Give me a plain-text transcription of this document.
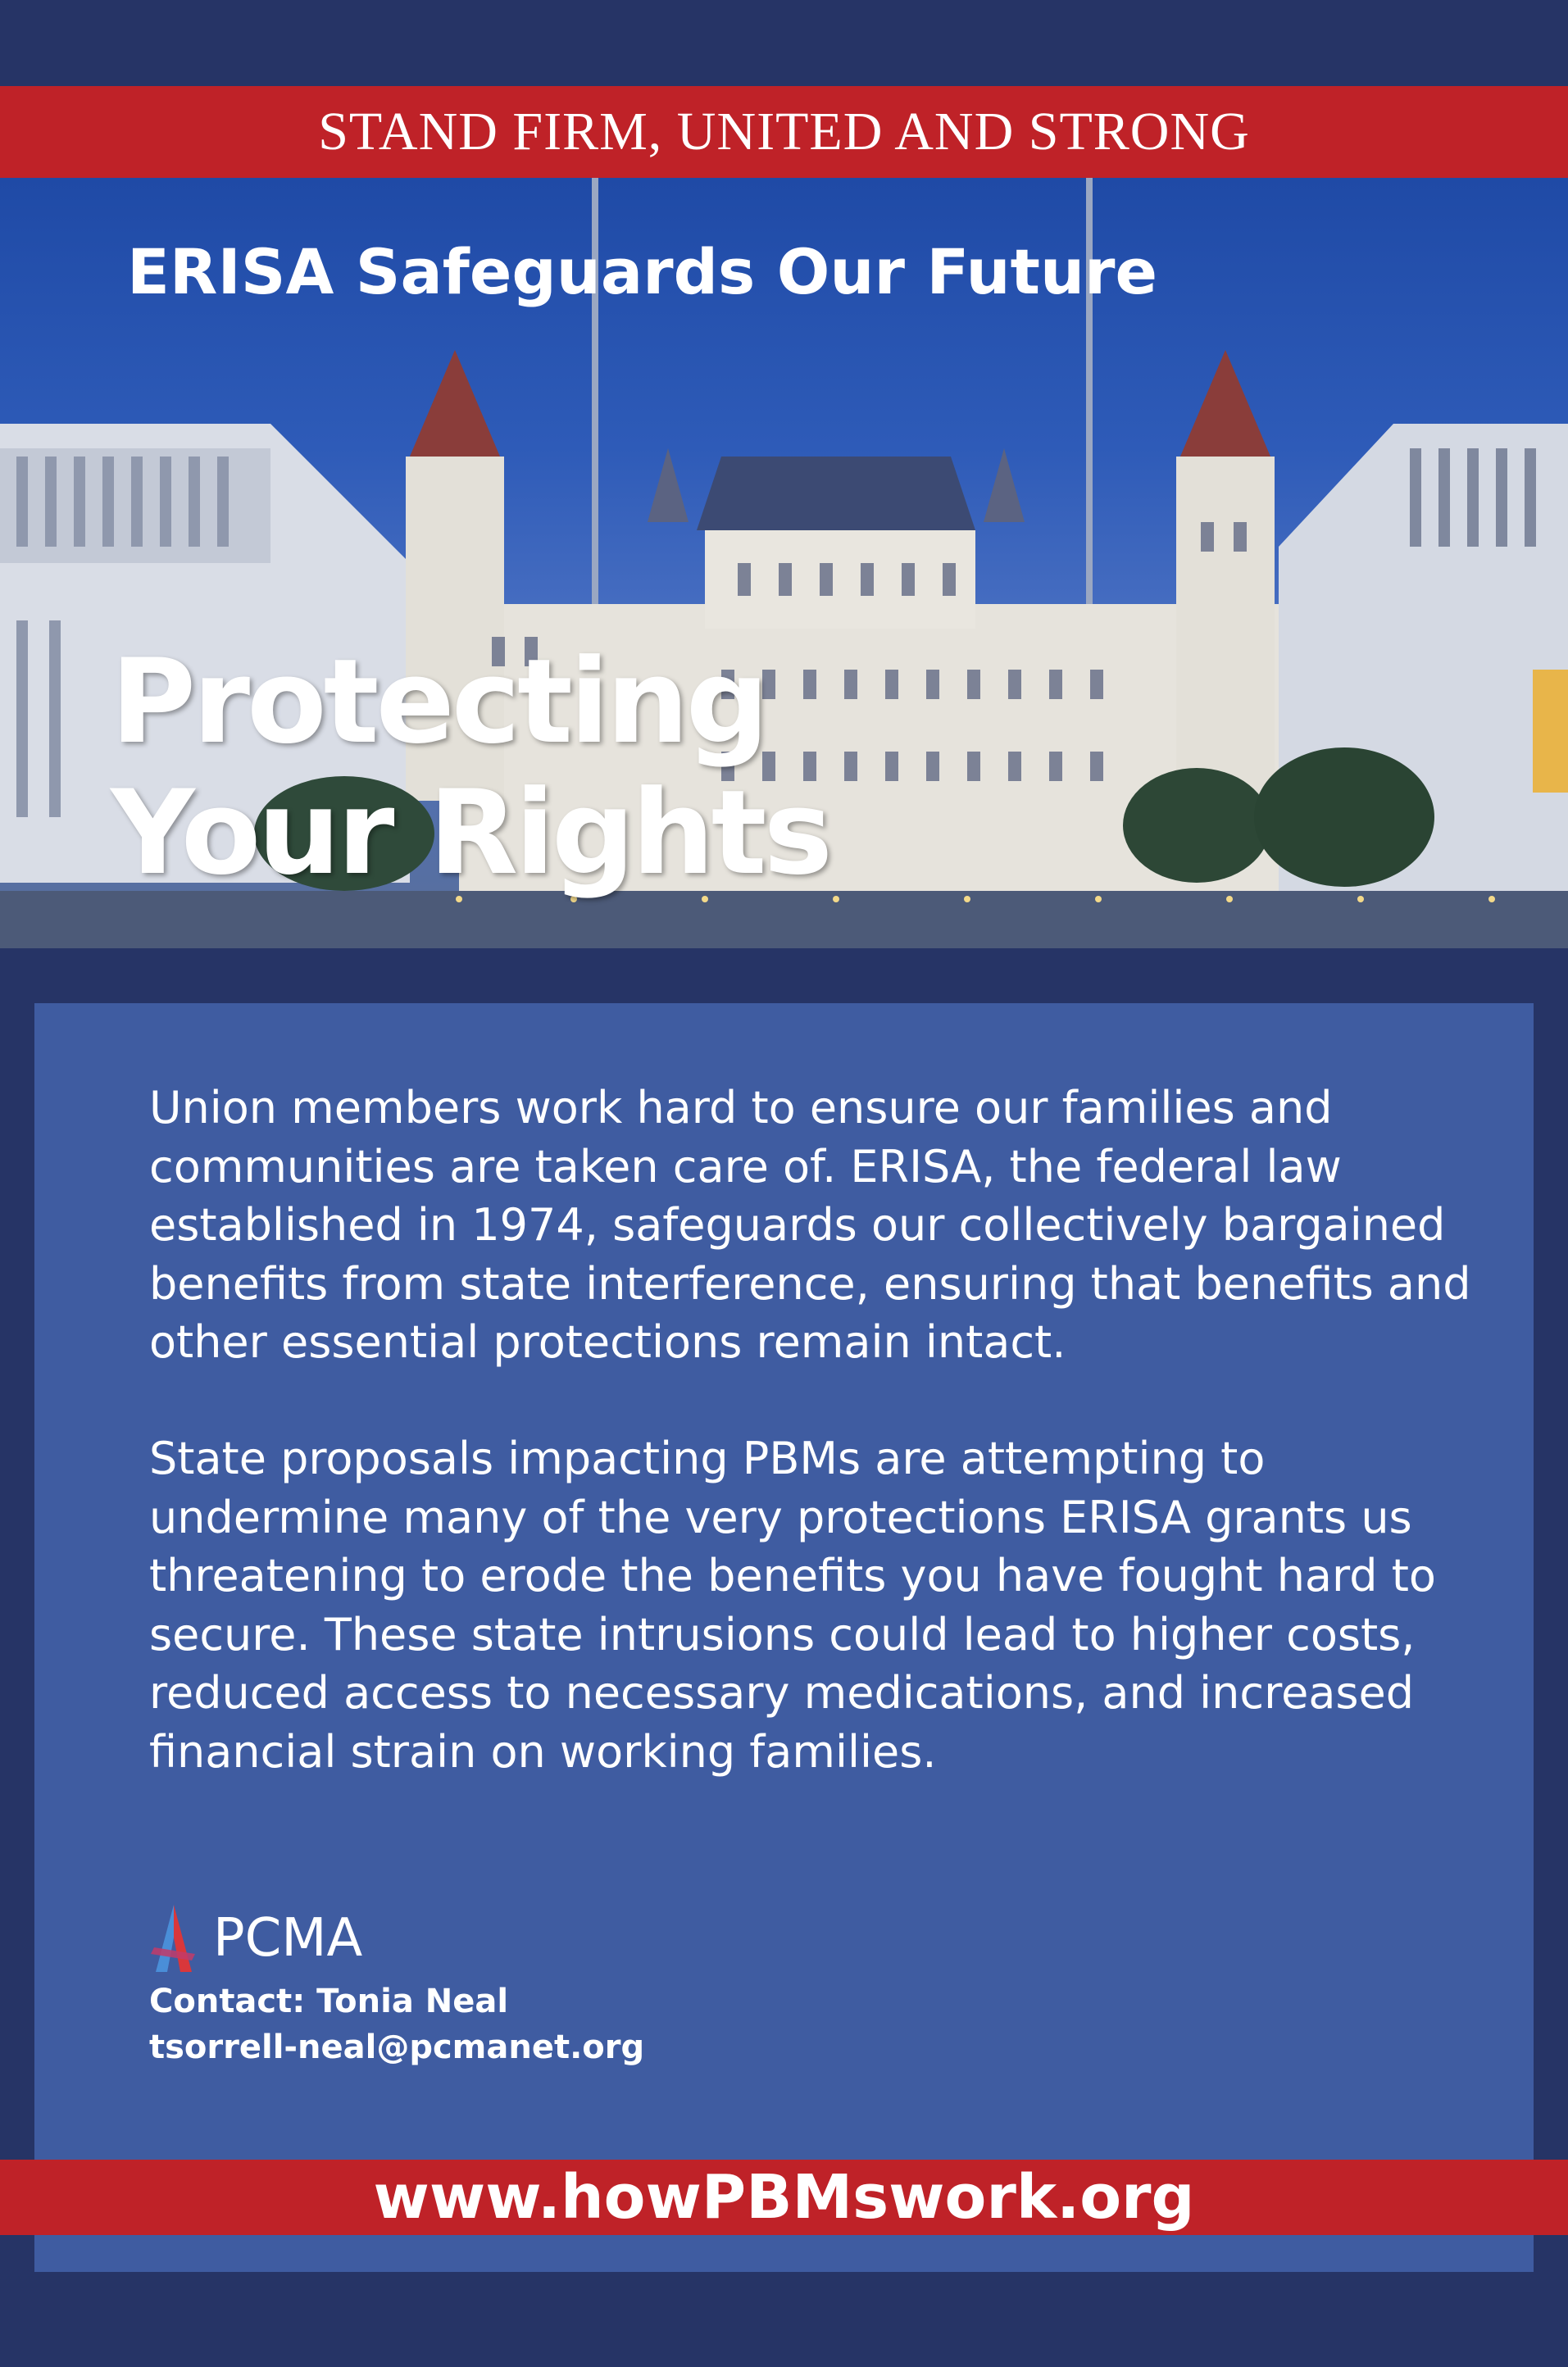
STAND FIRM, UNITED AND STRONG
ERISA Safeguards Our Future
Protecting
Your Rights

Union members work hard to ensure our families and communities are taken care of. ERISA, the federal law established in 1974, safeguards our collectively bargained benefits from state interference, ensuring that benefits and other essential protections remain intact.

State proposals impacting PBMs are attempting to undermine many of the very protections ERISA grants us threatening to erode the benefits you have fought hard to secure. These state intrusions could lead to higher costs, reduced access to necessary medications, and increased financial strain on working families.

PCMA
Contact: Tonia Neal
tsorrell-neal@pcmanet.org
www.howPBMswork.org
